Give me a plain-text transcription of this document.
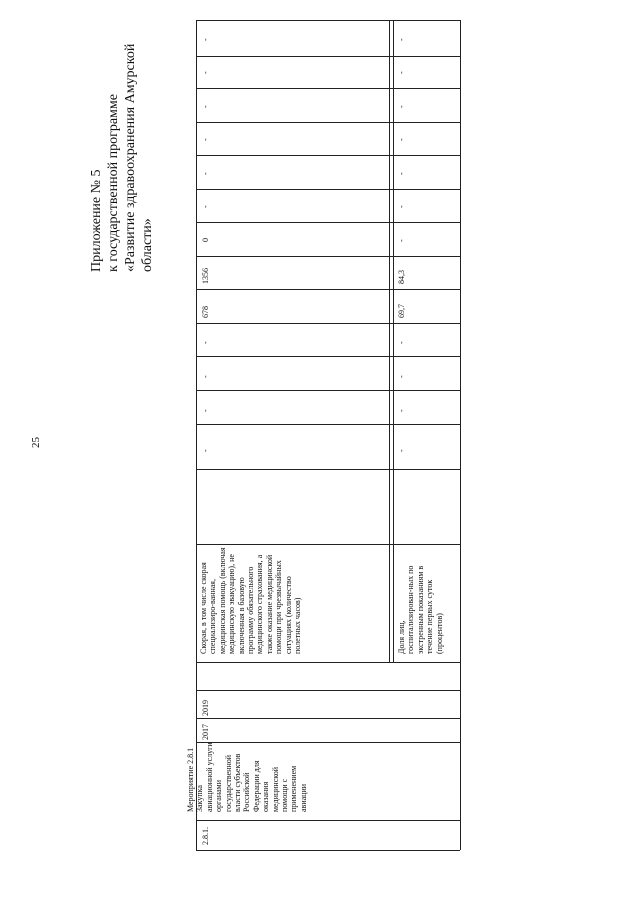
25
Приложение № 5 к государственной программе «Развитие здравоохранения Амурской области»
2.8.1.
Мероприятие 2.8.1 Закупка авиационной услуги органами государственной власти субъектов Российской Федерации для оказания медицинской помощи с применением авиации
2017
2019
Скорая, в том числе скорая специализиро-ванная, медицинская помощь (включая медицинскую эвакуацию), не включенная в базовую программу обязательного медицинского страхования, а также оказание медицинской помощи при чрезвычайных ситуациях (количество полетных часов)	Доля лиц, госпитализирован-ных по экстренным показаниям в течение первых суток (процентов)
-
-
-
-
678
1356
0
-
-
-
-
-
-
-
-
-
-
69,7
84,3
-
-
-
-
-
-
-
